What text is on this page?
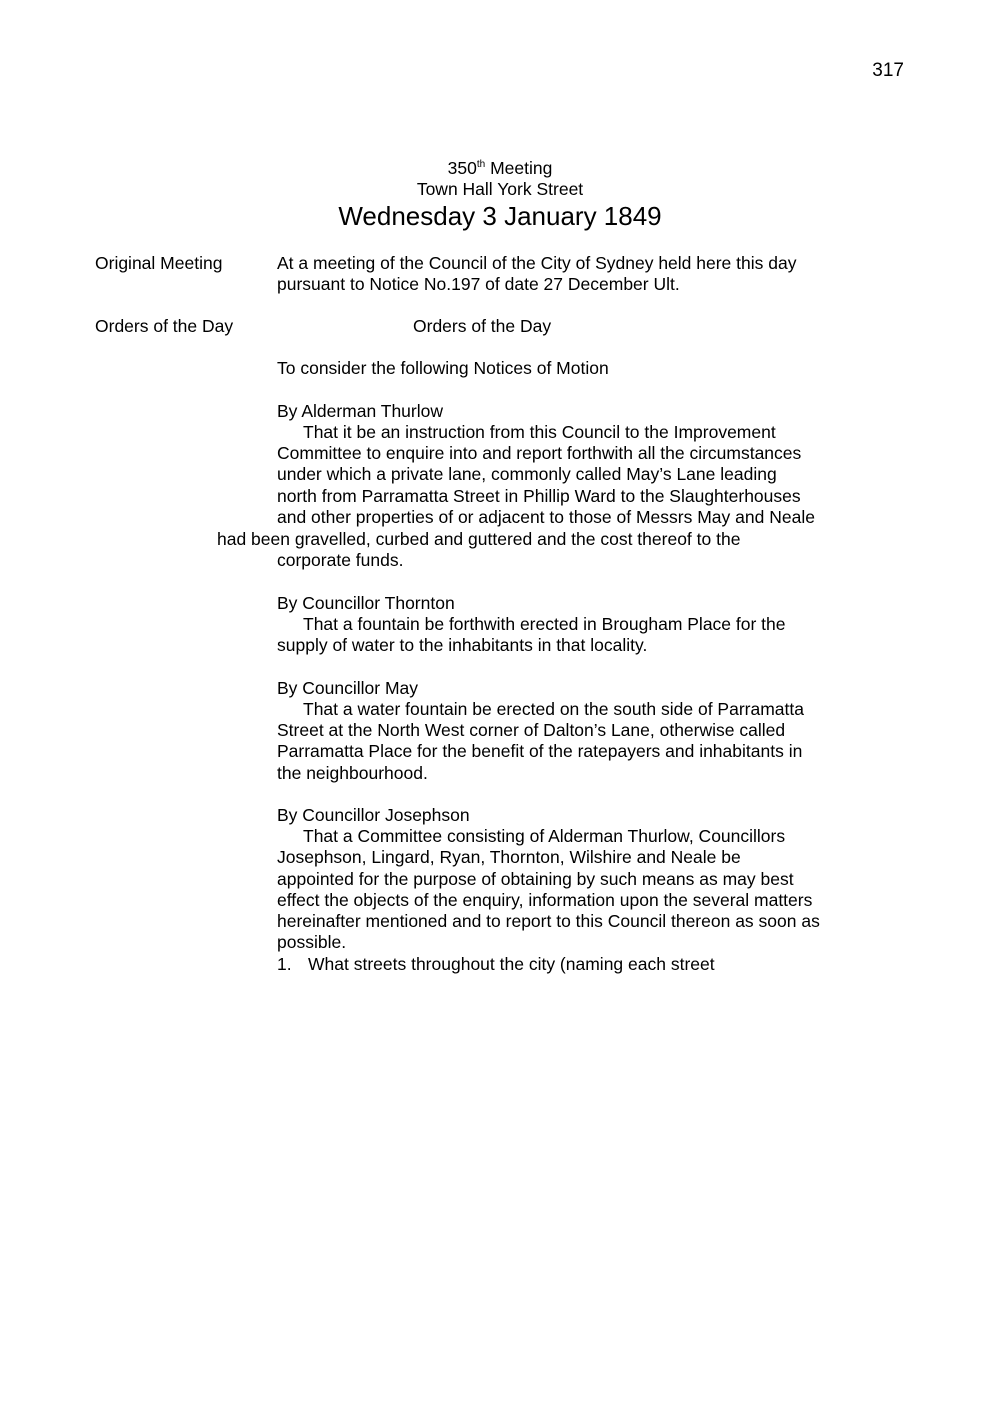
317
350th Meeting
Town Hall York Street
Wednesday 3 January 1849
Original Meeting	At a meeting of the Council of the City of Sydney held here this day
pursuant to Notice No.197 of date 27 December Ult.
Orders of the Day	Orders of the Day
To consider the following Notices of Motion
By Alderman Thurlow
That it be an instruction from this Council to the Improvement
Committee to enquire into and report forthwith all the circumstances
under which a private lane, commonly called May’s Lane leading
north from Parramatta Street in Phillip Ward to the Slaughterhouses
and other properties of or adjacent to those of Messrs May and Neale
had been gravelled, curbed and guttered and the cost thereof to the
corporate funds.
By Councillor Thornton
That a fountain be forthwith erected in Brougham Place for the
supply of water to the inhabitants in that locality.
By Councillor May
That a water fountain be erected on the south side of Parramatta
Street at the North West corner of Dalton’s Lane, otherwise called
Parramatta Place for the benefit of the ratepayers and inhabitants in
the neighbourhood.
By Councillor Josephson
That a Committee consisting of Alderman Thurlow, Councillors
Josephson, Lingard, Ryan, Thornton, Wilshire and Neale be
appointed for the purpose of obtaining by such means as may best
effect the objects of the enquiry, information upon the several matters
hereinafter mentioned and to report to this Council thereon as soon as
possible.
1. What streets throughout the city (naming each street
